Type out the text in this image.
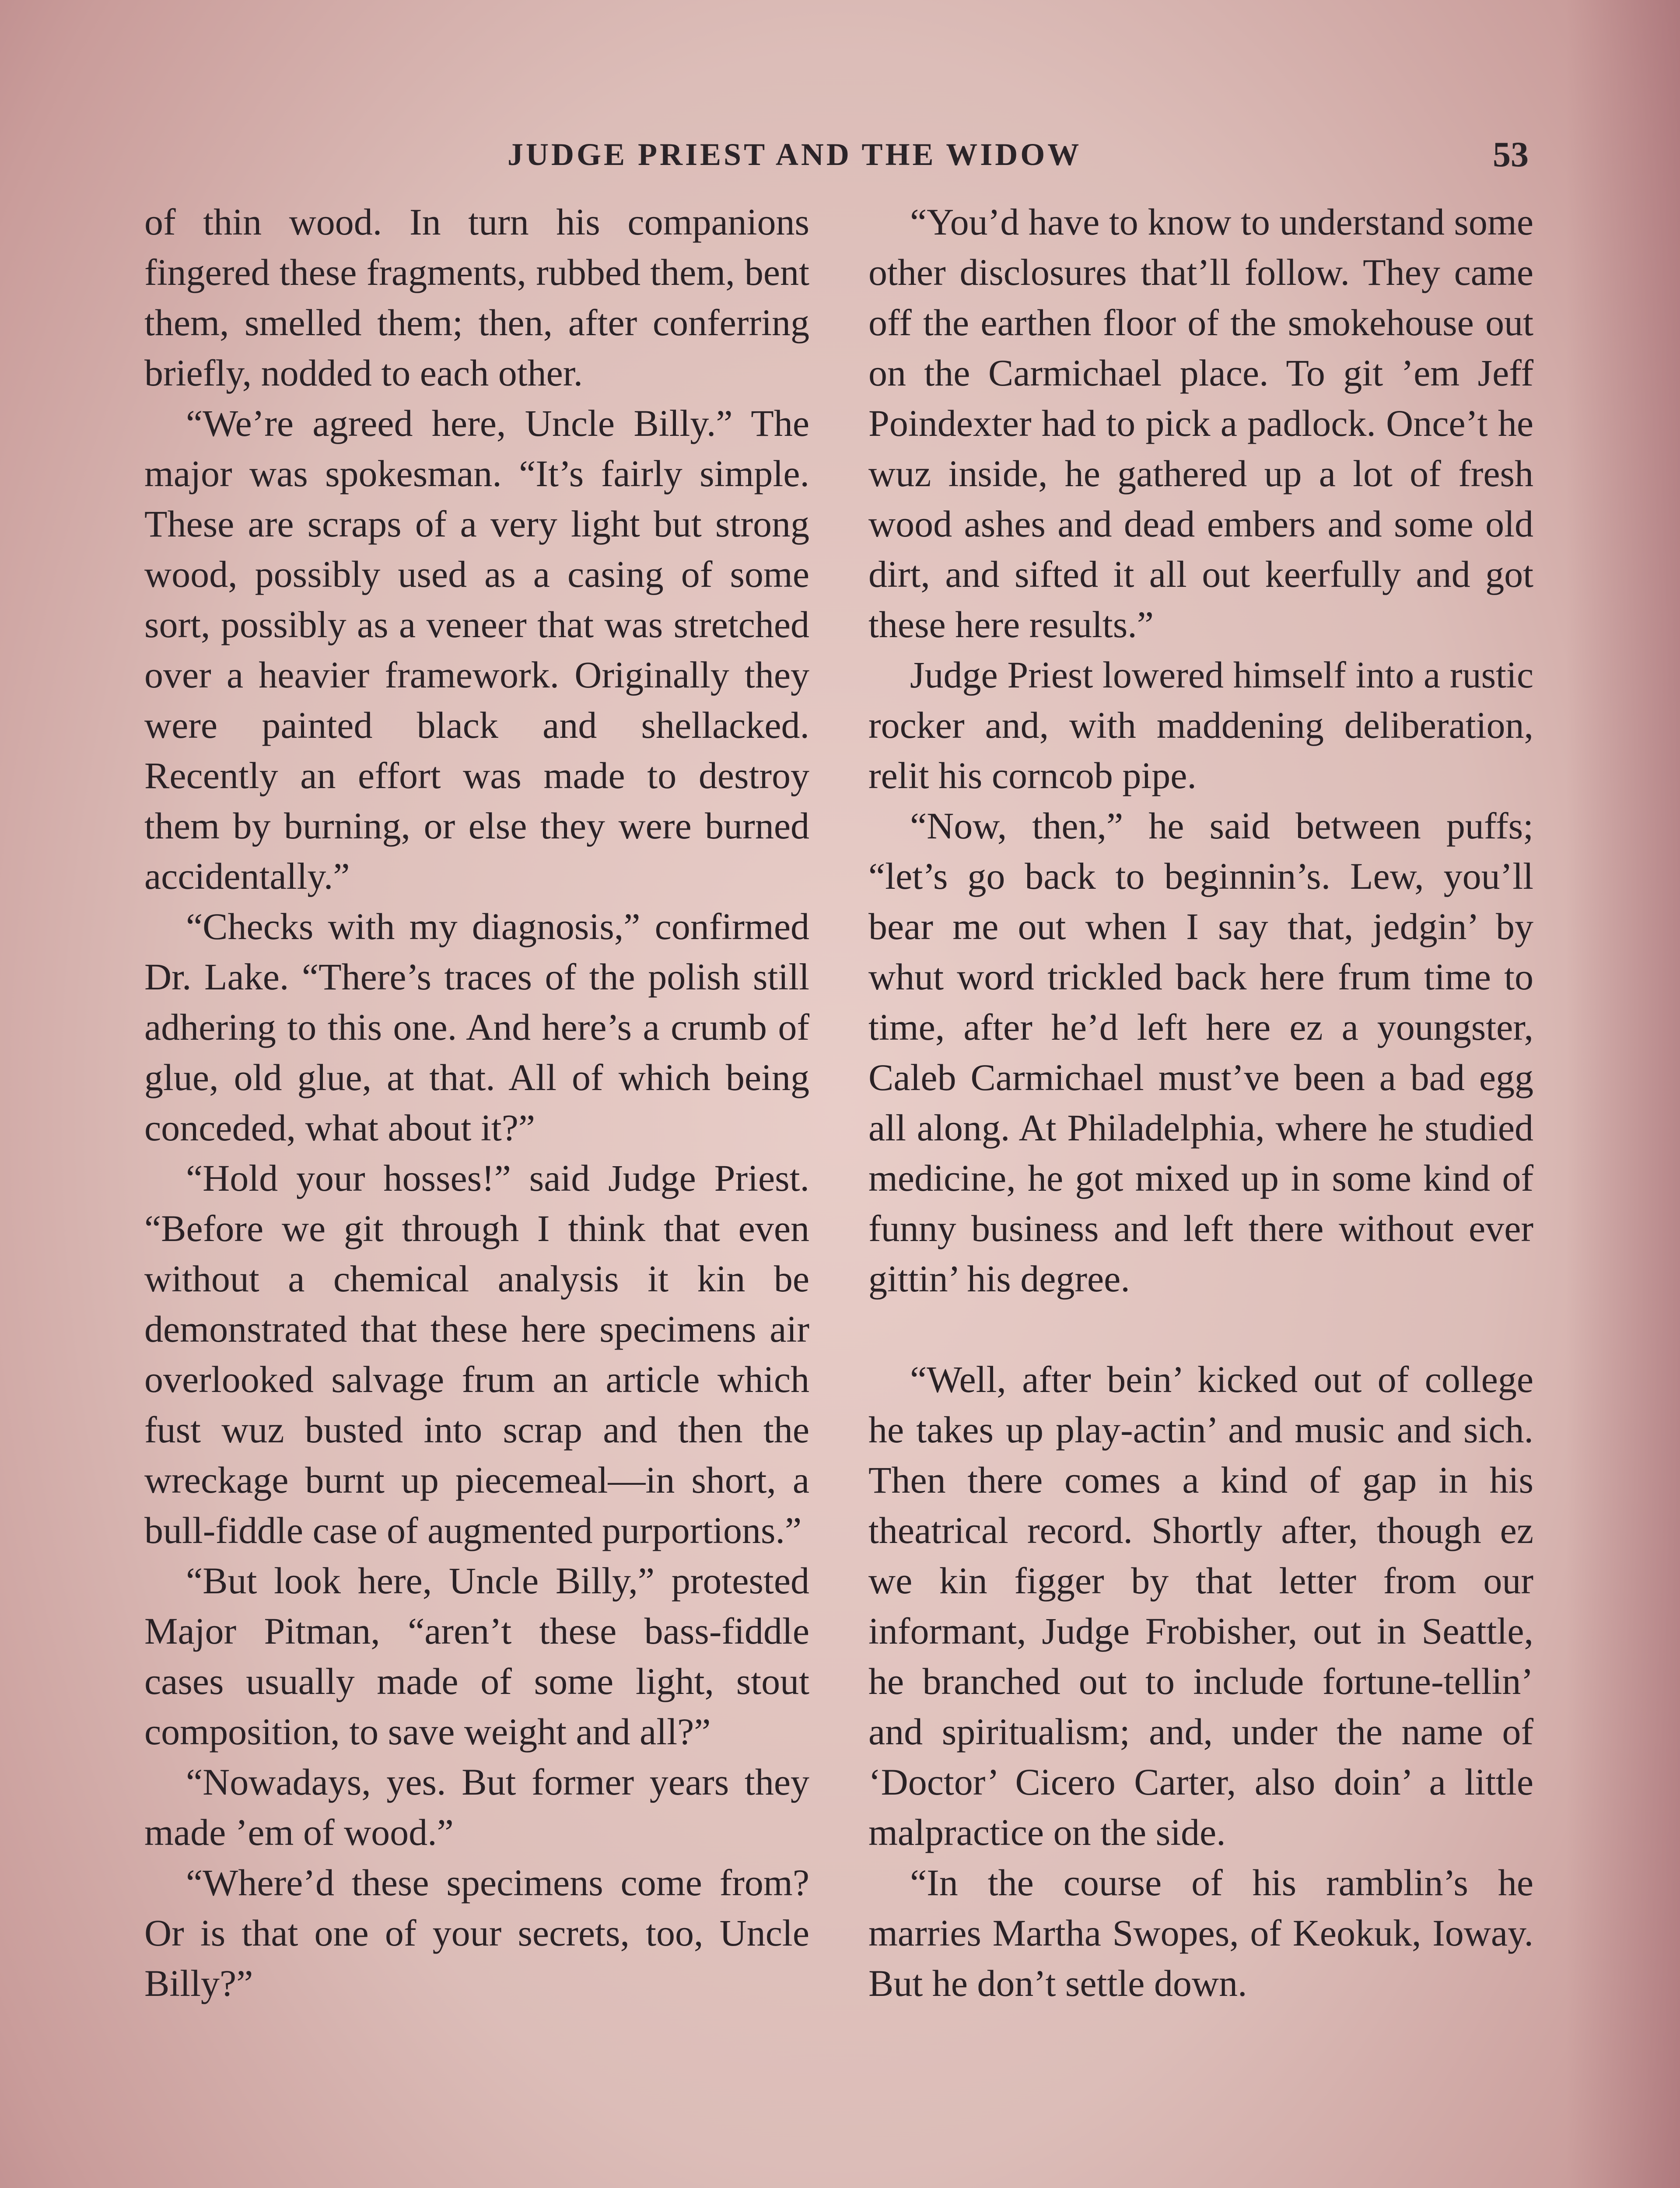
JUDGE PRIEST AND THE WIDOW	53

of thin wood. In turn his companions fingered these fragments, rubbed them, bent them, smelled them; then, after conferring briefly, nodded to each other.

“We’re agreed here, Uncle Billy.” The major was spokesman. “It’s fairly simple. These are scraps of a very light but strong wood, possibly used as a casing of some sort, possibly as a veneer that was stretched over a heavier framework. Originally they were painted black and shellacked. Recently an effort was made to destroy them by burning, or else they were burned accidentally.”

“Checks with my diagnosis,” confirmed Dr. Lake. “There’s traces of the polish still adhering to this one. And here’s a crumb of glue, old glue, at that. All of which being conceded, what about it?”

“Hold your hosses!” said Judge Priest. “Before we git through I think that even without a chemical analysis it kin be demonstrated that these here specimens air overlooked salvage frum an article which fust wuz busted into scrap and then the wreckage burnt up piecemeal—in short, a bull-fiddle case of augmented purportions.”

“But look here, Uncle Billy,” protested Major Pitman, “aren’t these bass-fiddle cases usually made of some light, stout composition, to save weight and all?”

“Nowadays, yes. But former years they made ’em of wood.”

“Where’d these specimens come from? Or is that one of your secrets, too, Uncle Billy?”

“You’d have to know to understand some other disclosures that’ll follow. They came off the earthen floor of the smokehouse out on the Carmichael place. To git ’em Jeff Poindexter had to pick a padlock. Once’t he wuz inside, he gathered up a lot of fresh wood ashes and dead embers and some old dirt, and sifted it all out keerfully and got these here results.”

Judge Priest lowered himself into a rustic rocker and, with maddening deliberation, relit his corncob pipe.

“Now, then,” he said between puffs; “let’s go back to beginnin’s. Lew, you’ll bear me out when I say that, jedgin’ by whut word trickled back here frum time to time, after he’d left here ez a youngster, Caleb Carmichael must’ve been a bad egg all along. At Philadelphia, where he studied medicine, he got mixed up in some kind of funny business and left there without ever gittin’ his degree.

“Well, after bein’ kicked out of college he takes up play-actin’ and music and sich. Then there comes a kind of gap in his theatrical record. Shortly after, though ez we kin figger by that letter from our informant, Judge Frobisher, out in Seattle, he branched out to include fortune-tellin’ and spiritualism; and, under the name of ‘Doctor’ Cicero Carter, also doin’ a little malpractice on the side.

“In the course of his ramblin’s he marries Martha Swopes, of Keokuk, Ioway. But he don’t settle down.
